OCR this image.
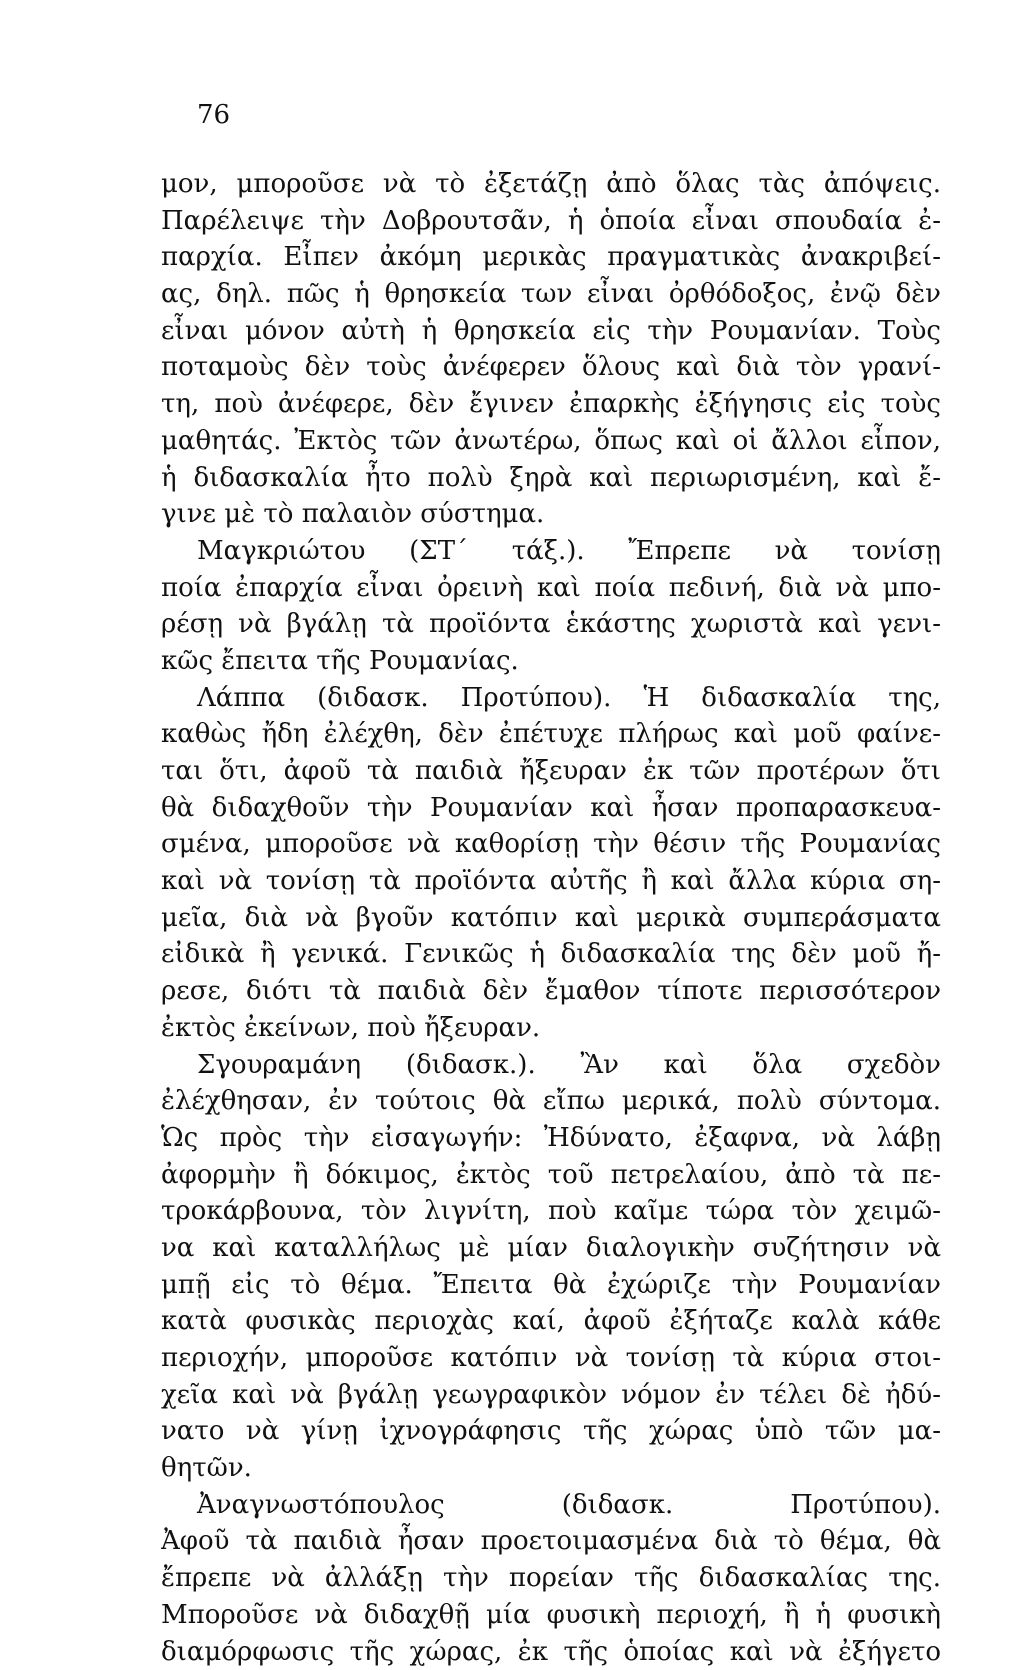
76
μον, μποροῦσε νὰ τὸ ἐξετάζῃ ἀπὸ ὅλας τὰς ἀπόψεις.
Παρέλειψε τὴν Δοβρουτσᾶν, ἡ ὁποία εἶναι σπουδαία ἐ-
παρχία. Εἶπεν ἀκόμη μερικὰς πραγματικὰς ἀνακριβεί-
ας, δηλ. πῶς ἡ θρησκεία των εἶναι ὀρθόδοξος, ἐνῷ δὲν
εἶναι μόνον αὐτὴ ἡ θρησκεία εἰς τὴν Ρουμανίαν. Τοὺς
ποταμοὺς δὲν τοὺς ἀνέφερεν ὅλους καὶ διὰ τὸν γρανί-
τη, ποὺ ἀνέφερε, δὲν ἔγινεν ἐπαρκὴς ἐξήγησις εἰς τοὺς
μαθητάς. Ἐκτὸς τῶν ἀνωτέρω, ὅπως καὶ οἱ ἄλλοι εἶπον,
ἡ διδασκαλία ἦτο πολὺ ξηρὰ καὶ περιωρισμένη, καὶ ἔ-
γινε μὲ τὸ παλαιὸν σύστημα.
Μαγκριώτου (ΣΤ΄ τάξ.). Ἔπρεπε νὰ τονίσῃ
ποία ἐπαρχία εἶναι ὀρεινὴ καὶ ποία πεδινή, διὰ νὰ μπο-
ρέσῃ νὰ βγάλῃ τὰ προϊόντα ἑκάστης χωριστὰ καὶ γενι-
κῶς ἔπειτα τῆς Ρουμανίας.
Λάππα (διδασκ. Προτύπου). Ἡ διδασκαλία της,
καθὼς ἤδη ἐλέχθη, δὲν ἐπέτυχε πλήρως καὶ μοῦ φαίνε-
ται ὅτι, ἀφοῦ τὰ παιδιὰ ἤξευραν ἐκ τῶν προτέρων ὅτι
θὰ διδαχθοῦν τὴν Ρουμανίαν καὶ ἦσαν προπαρασκευα-
σμένα, μποροῦσε νὰ καθορίσῃ τὴν θέσιν τῆς Ρουμανίας
καὶ νὰ τονίσῃ τὰ προϊόντα αὐτῆς ἢ καὶ ἄλλα κύρια ση-
μεῖα, διὰ νὰ βγοῦν κατόπιν καὶ μερικὰ συμπεράσματα
εἰδικὰ ἢ γενικά. Γενικῶς ἡ διδασκαλία της δὲν μοῦ ἤ-
ρεσε, διότι τὰ παιδιὰ δὲν ἔμαθον τίποτε περισσότερον
ἐκτὸς ἐκείνων, ποὺ ἤξευραν.
Σγουραμάνη (διδασκ.). Ἂν καὶ ὅλα σχεδὸν
ἐλέχθησαν, ἐν τούτοις θὰ εἴπω μερικά, πολὺ σύντομα.
Ὡς πρὸς τὴν εἰσαγωγήν: Ἠδύνατο, ἐξαφνα, νὰ λάβῃ
ἀφορμὴν ἢ δόκιμος, ἐκτὸς τοῦ πετρελαίου, ἀπὸ τὰ πε-
τροκάρβουνα, τὸν λιγνίτη, ποὺ καῖμε τώρα τὸν χειμῶ-
να καὶ καταλλήλως μὲ μίαν διαλογικὴν συζήτησιν νὰ
μπῇ εἰς τὸ θέμα. Ἔπειτα θὰ ἐχώριζε τὴν Ρουμανίαν
κατὰ φυσικὰς περιοχὰς καί, ἀφοῦ ἐξήταζε καλὰ κάθε
περιοχήν, μποροῦσε κατόπιν νὰ τονίσῃ τὰ κύρια στοι-
χεῖα καὶ νὰ βγάλῃ γεωγραφικὸν νόμον ἐν τέλει δὲ ἠδύ-
νατο νὰ γίνῃ ἰχνογράφησις τῆς χώρας ὑπὸ τῶν μα-
θητῶν.
Ἀναγνωστόπουλος (διδασκ. Προτύπου).
Ἀφοῦ τὰ παιδιὰ ἦσαν προετοιμασμένα διὰ τὸ θέμα, θὰ
ἔπρεπε νὰ ἀλλάξῃ τὴν πορείαν τῆς διδασκαλίας της.
Μποροῦσε νὰ διδαχθῇ μία φυσικὴ περιοχή, ἢ ἡ φυσικὴ
διαμόρφωσις τῆς χώρας, ἐκ τῆς ὁποίας καὶ νὰ ἐξήγετο
